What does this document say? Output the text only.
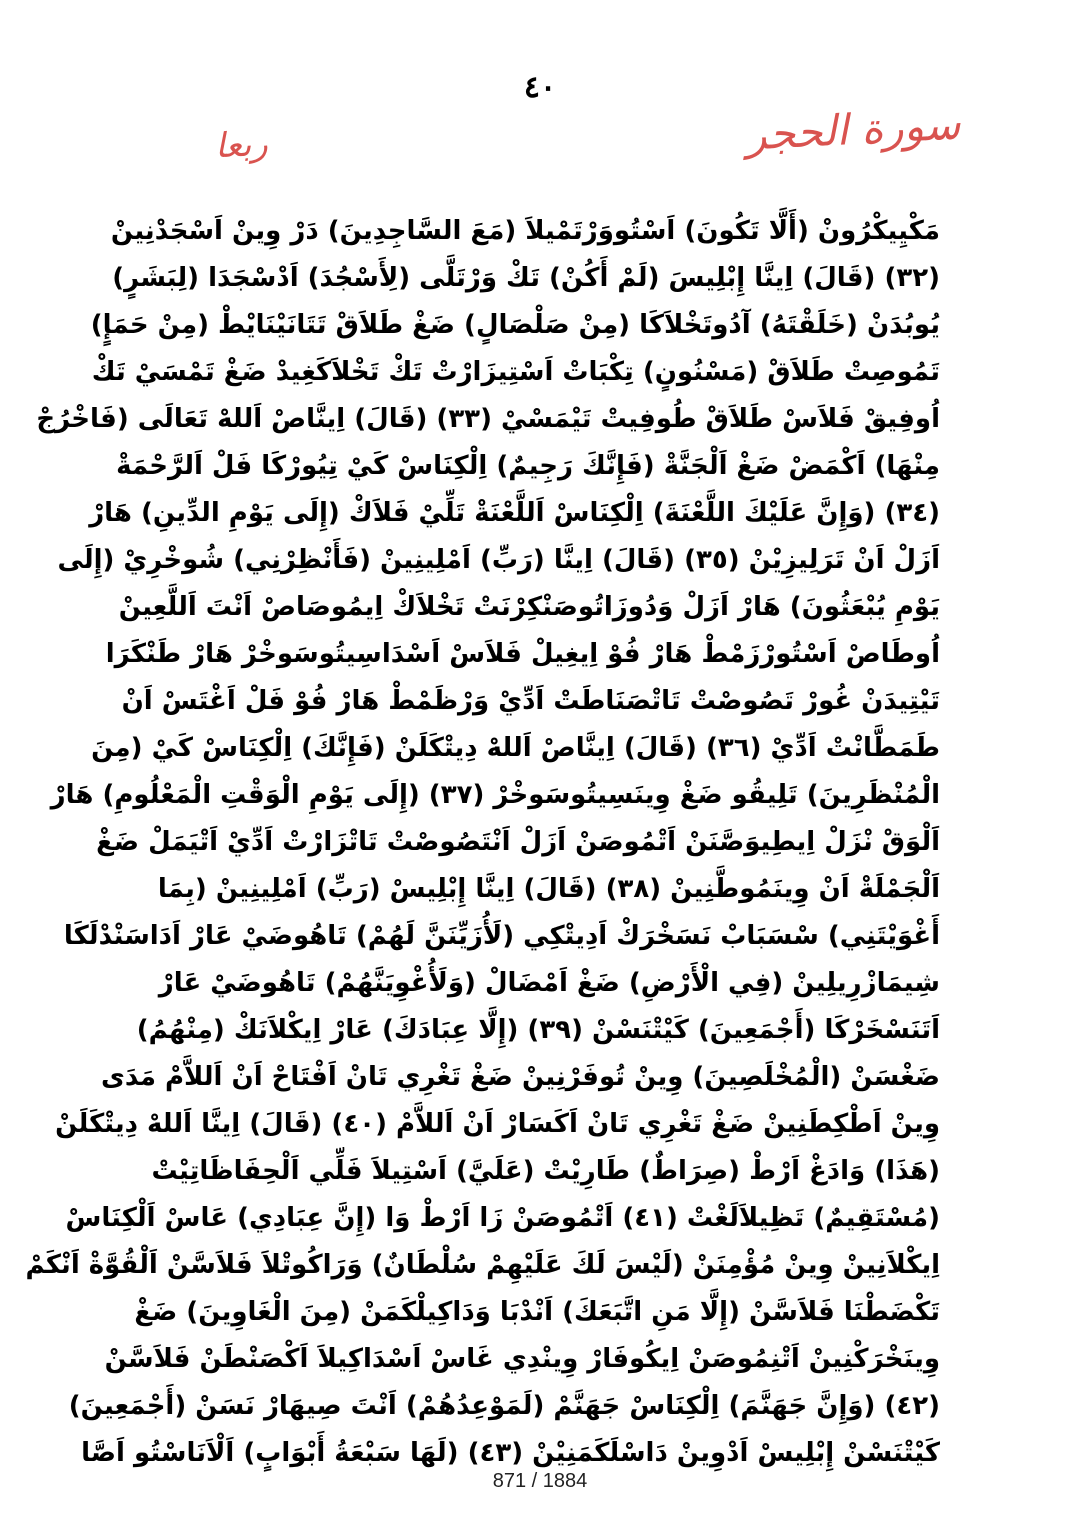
٤٠
سورة الحجر
ربعا
مَكْيِيكْرُونْ (أَلَّا تَكُونَ) اَسْتُووَرْتَمْيلاَ (مَعَ السَّاجِدِينَ) دَرْ وِينْ اَسْجَدْنِينْ
(٣٢) (قَالَ) اِينَّا إِبْلِيسَ (لَمْ أَكُنْ) تَكْ وَرْتَلَّى (لِأَسْجُدَ) اَدْسْجَدَا (لِبَشَرٍ)
يُوبُدَنْ (خَلَقْتَهُ) آدُوتَخْلاَكَا (مِنْ صَلْصَالٍ) ضَغْ طَلاَقْ تَتَانَيْنَايْطْ (مِنْ حَمَإٍ)
تَمُوصِتْ طَلاَقْ (مَسْنُونٍ) تِكْبَاتْ اَسْتِيزَارْتْ تَكْ تَخْلاَكَغِيدْ ضَغْ تَمْسَيْ تَكْ
اُوفِيقْ فَلاَسْ طَلاَقْ طُوفِيتْ تَيْمَسْيْ (٣٣) (قَالَ) اِينَّاصْ اَللهْ تَعَالَى (فَاخْرُجْ
مِنْهَا) اَكْمَضْ ضَغْ اَلْجَنَّةْ (فَإِنَّكَ رَجِيمٌ) اِلْكِنَاسْ كَيْ تِيُورْكَا فَلْ اَلرَّحْمَةْ
(٣٤) (وَإِنَّ عَلَيْكَ اللَّعْنَةَ) اِلْكِنَاسْ اَللَّعْنَةْ تَلِّيْ فَلاَكْ (إِلَى يَوْمِ الدِّينِ) هَارْ
اَزَلْ اَنْ تَرَلِيزِيْنْ (٣٥) (قَالَ) اِينَّا (رَبِّ) اَمْلِينِينْ (فَأَنْظِرْنِي) شُوخْرِيْ (إِلَى
يَوْمِ يُبْعَثُونَ) هَارْ اَزَلْ وَدُوزَاتُوصَنْكِرْنَتْ تَخْلاَكْ اِيمُوصَاصْ اَنْتَ اَللَّعِينْ
اُوطَاصْ اَسْتُورْزَمْطْ هَارْ فُوْ اِيغِيلْ فَلاَسْ اَسْدَاسِيتُوسَوخْرْ هَارْ طَنْكَرَا
تَيْتِيدَنْ غُورْ تَصُوصْتْ تَاتْصَنَاطَتْ اَدِّيْ وَرْظَمْطْ هَارْ فُوْ فَلْ اَغْتَسْ اَنْ
طَمَطَّانْتْ اَدِّيْ (٣٦) (قَالَ) اِينَّاصْ اَللهْ دِيتْكَلَنْ (فَإِنَّكَ) اِلْكِنَاسْ كَيْ (مِنَ
الْمُنْظَرِينَ) تَلِيقُو ضَغْ وِينَسِيتُوسَوخْرْ (٣٧) (إِلَى يَوْمِ الْوَقْتِ الْمَعْلُومِ) هَارْ
اَلْوَقْ نْزَلْ اِيطِيوَصَّنَنْ اَتْمُوصَنْ اَزَلْ اَنْتَصُوصْتْ تَاتْزَارْتْ اَدِّيْ اَتْيَمَلْ ضَغْ
اَلْجَمْلَةْ اَنْ وِينَمُوطَّنِينْ (٣٨) (قَالَ) اِينَّا إِبْلِيسْ (رَبِّ) اَمْلِينِينْ (بِمَا
أَغْوَيْتَنِي) سْسَبَابْ نَسَخْرَكْ اَدِيتْكِي (لَأُزَيِّنَنَّ لَهُمْ) تَاهُوضَيْ عَارْ اَدَاسَنْدْلَكَا
شِيمَازْرِيلِينْ (فِي الْأَرْضِ) ضَغْ اَمْضَالْ (وَلَأُغْوِيَنَّهُمْ) تَاهُوضَيْ عَارْ
اَتَنَسْخَرْكَا (أَجْمَعِينَ) كَيْتْنَسْنْ (٣٩) (إِلَّا عِبَادَكَ) عَارْ اِيكْلاَنَكْ (مِنْهُمُ)
ضَغْسَنْ (الْمُخْلَصِينَ) وِينْ تُوفَرْنِينْ ضَغْ تَغْرِي تَانْ اَفْتَاحْ اَنْ اَللاَّمْ مَدَى
وِينْ اَطْكِطَنِينْ ضَغْ تَغْرِي تَانْ اَكَسَارْ اَنْ اَللاَّمْ (٤٠) (قَالَ) اِينَّا اَللهْ دِيتْكَلَنْ
(هَذَا) وَادَغْ اَرْطْ (صِرَاطٌ) طَارِيْتْ (عَلَيَّ) اَسْتِيلاَ فَلِّي اَلْحِفَاظَاتِيْتْ
(مُسْتَقِيمٌ) تَظِيلاَلَغْتْ (٤١) اَتْمُوصَنْ زَا اَرْطْ وَا (إِنَّ عِبَادِي) عَاسْ اَلْكِنَاسْ
اِيكْلاَنِينْ وِينْ مُؤْمِنَنْ (لَيْسَ لَكَ عَلَيْهِمْ سُلْطَانٌ) وَرَاكُوتْلاَ فَلاَسَّنْ اَلْقُوَّةْ اَنْكَمْ
تَكْضَطْنَا فَلاَسَّنْ (إِلَّا مَنِ اتَّبَعَكَ) اَنْدْبَا وَدَاكِيلْكَمَنْ (مِنَ الْغَاوِينَ) ضَغْ
وِينَخْرَكْنِينْ اَتْنِمُوصَنْ اِيكُوفَارْ وِينْدِي غَاسْ اَسْدَاكِيلاَ اَكْصَنْطَنْ فَلاَسَّنْ
(٤٢) (وَإِنَّ جَهَنَّمَ) اِلْكِنَاسْ جَهَنَّمْ (لَمَوْعِدُهُمْ) اَنْتَ صِيهَارْ نَسَنْ (أَجْمَعِينَ)
كَيْتْنَسْنْ إِبْلِيسْ اَدْوِينْ دَاسْلَكَمَنِيْنْ (٤٣) (لَهَا سَبْعَةُ أَبْوَابٍ) اَلْاَنَاسْتُو اَصَّا
871 / 1884
